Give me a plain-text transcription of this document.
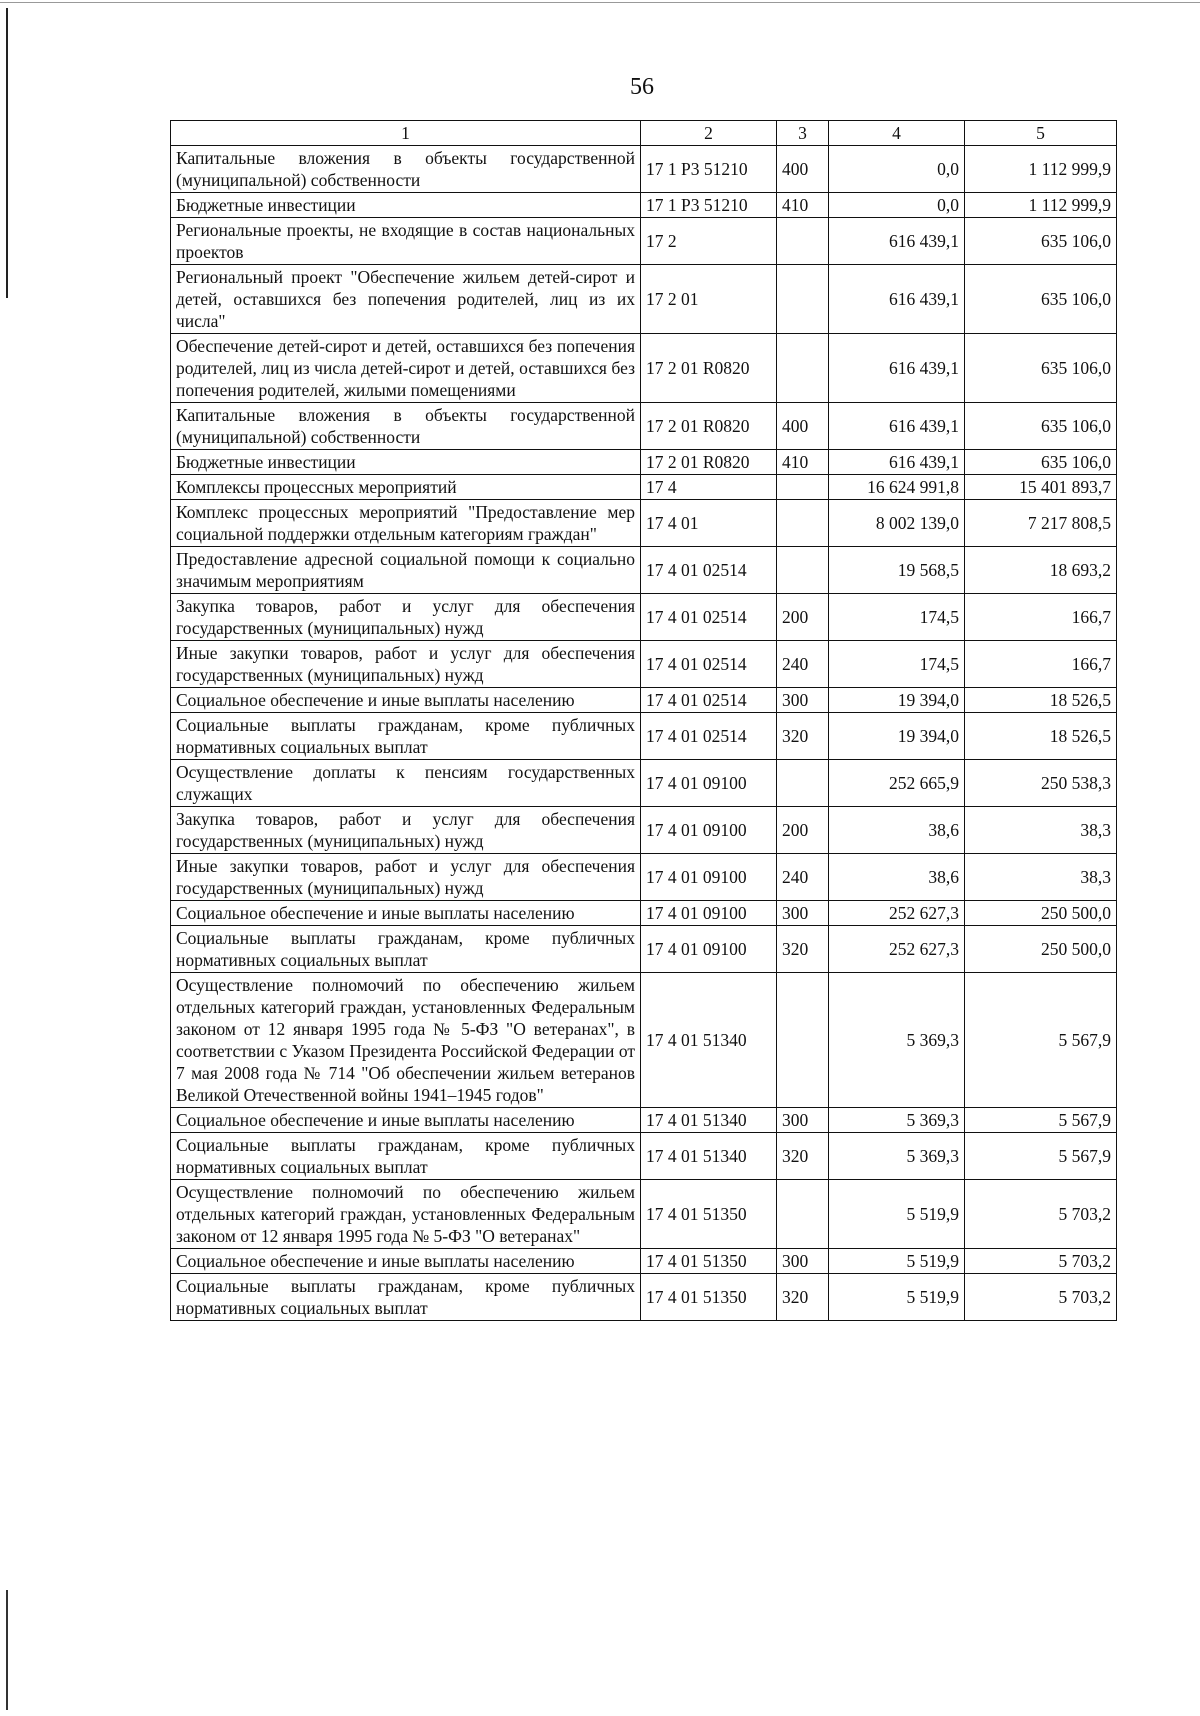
56
1	2	3	4	5
Капитальные вложения в объекты государственной (муниципальной) собственности	17 1 Р3 51210	400	0,0	1 112 999,9
Бюджетные инвестиции	17 1 Р3 51210	410	0,0	1 112 999,9
Региональные проекты, не входящие в состав национальных проектов	17 2		616 439,1	635 106,0
Региональный проект "Обеспечение жильем детей-сирот и детей, оставшихся без попечения родителей, лиц из их числа"	17 2 01		616 439,1	635 106,0
Обеспечение детей-сирот и детей, оставшихся без попечения родителей, лиц из числа детей-сирот и детей, оставшихся без попечения родителей, жилыми помещениями	17 2 01 R0820		616 439,1	635 106,0
Капитальные вложения в объекты государственной (муниципальной) собственности	17 2 01 R0820	400	616 439,1	635 106,0
Бюджетные инвестиции	17 2 01 R0820	410	616 439,1	635 106,0
Комплексы процессных мероприятий	17 4		16 624 991,8	15 401 893,7
Комплекс процессных мероприятий "Предоставление мер социальной поддержки отдельным категориям граждан"	17 4 01		8 002 139,0	7 217 808,5
Предоставление адресной социальной помощи к социально значимым мероприятиям	17 4 01 02514		19 568,5	18 693,2
Закупка товаров, работ и услуг для обеспечения государственных (муниципальных) нужд	17 4 01 02514	200	174,5	166,7
Иные закупки товаров, работ и услуг для обеспечения государственных (муниципальных) нужд	17 4 01 02514	240	174,5	166,7
Социальное обеспечение и иные выплаты населению	17 4 01 02514	300	19 394,0	18 526,5
Социальные выплаты гражданам, кроме публичных нормативных социальных выплат	17 4 01 02514	320	19 394,0	18 526,5
Осуществление доплаты к пенсиям государственных служащих	17 4 01 09100		252 665,9	250 538,3
Закупка товаров, работ и услуг для обеспечения государственных (муниципальных) нужд	17 4 01 09100	200	38,6	38,3
Иные закупки товаров, работ и услуг для обеспечения государственных (муниципальных) нужд	17 4 01 09100	240	38,6	38,3
Социальное обеспечение и иные выплаты населению	17 4 01 09100	300	252 627,3	250 500,0
Социальные выплаты гражданам, кроме публичных нормативных социальных выплат	17 4 01 09100	320	252 627,3	250 500,0
Осуществление полномочий по обеспечению жильем отдельных категорий граждан, установленных Федеральным законом от 12 января 1995 года № 5-ФЗ "О ветеранах", в соответствии с Указом Президента Российской Федерации от 7 мая 2008 года № 714 "Об обеспечении жильем ветеранов Великой Отечественной войны 1941–1945 годов"	17 4 01 51340		5 369,3	5 567,9
Социальное обеспечение и иные выплаты населению	17 4 01 51340	300	5 369,3	5 567,9
Социальные выплаты гражданам, кроме публичных нормативных социальных выплат	17 4 01 51340	320	5 369,3	5 567,9
Осуществление полномочий по обеспечению жильем отдельных категорий граждан, установленных Федеральным законом от 12 января 1995 года № 5-ФЗ "О ветеранах"	17 4 01 51350		5 519,9	5 703,2
Социальное обеспечение и иные выплаты населению	17 4 01 51350	300	5 519,9	5 703,2
Социальные выплаты гражданам, кроме публичных нормативных социальных выплат	17 4 01 51350	320	5 519,9	5 703,2
